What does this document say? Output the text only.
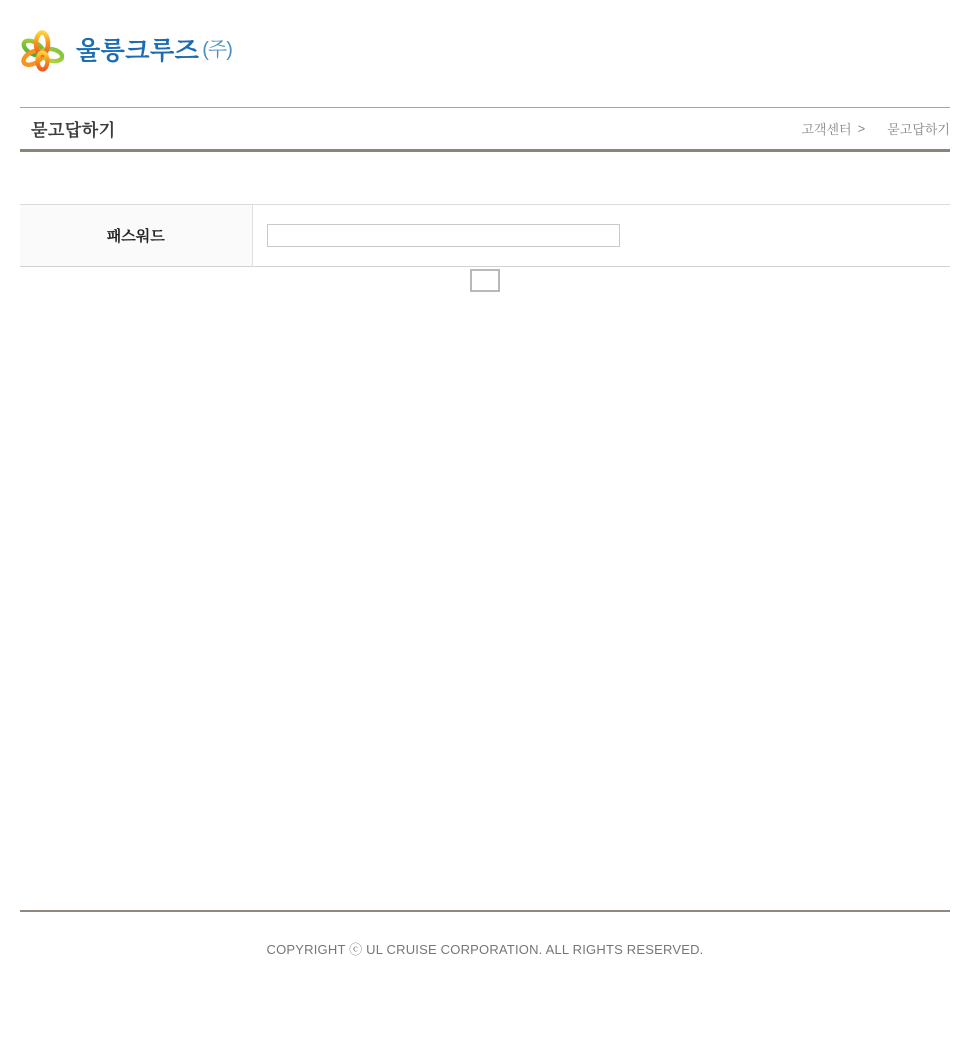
울릉크루즈 (주)
묻고답하기	고객센터 > 묻고답하기
패스워드	

COPYRIGHT ⓒ UL CRUISE CORPORATION. ALL RIGHTS RESERVED.
